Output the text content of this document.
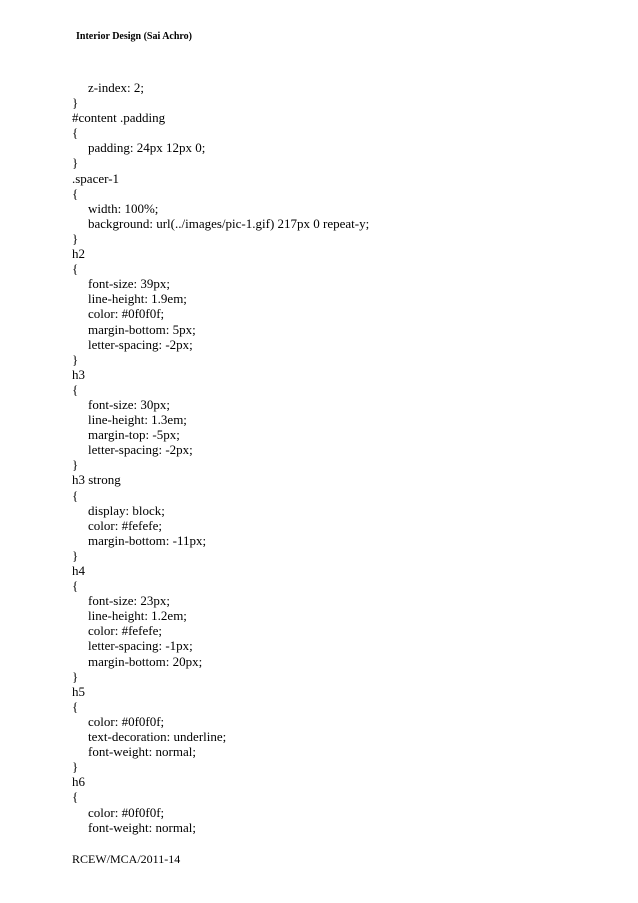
Interior Design (Sai Achro)
z-index: 2;
}
#content .padding
{
padding: 24px 12px 0;
}
.spacer-1
{
width: 100%;
background: url(../images/pic-1.gif) 217px 0 repeat-y;
}
h2
{
font-size: 39px;
line-height: 1.9em;
color: #0f0f0f;
margin-bottom: 5px;
letter-spacing: -2px;
}
h3
{
font-size: 30px;
line-height: 1.3em;
margin-top: -5px;
letter-spacing: -2px;
}
h3 strong
{
display: block;
color: #fefefe;
margin-bottom: -11px;
}
h4
{
font-size: 23px;
line-height: 1.2em;
color: #fefefe;
letter-spacing: -1px;
margin-bottom: 20px;
}
h5
{
color: #0f0f0f;
text-decoration: underline;
font-weight: normal;
}
h6
{
color: #0f0f0f;
font-weight: normal;
RCEW/MCA/2011-14
